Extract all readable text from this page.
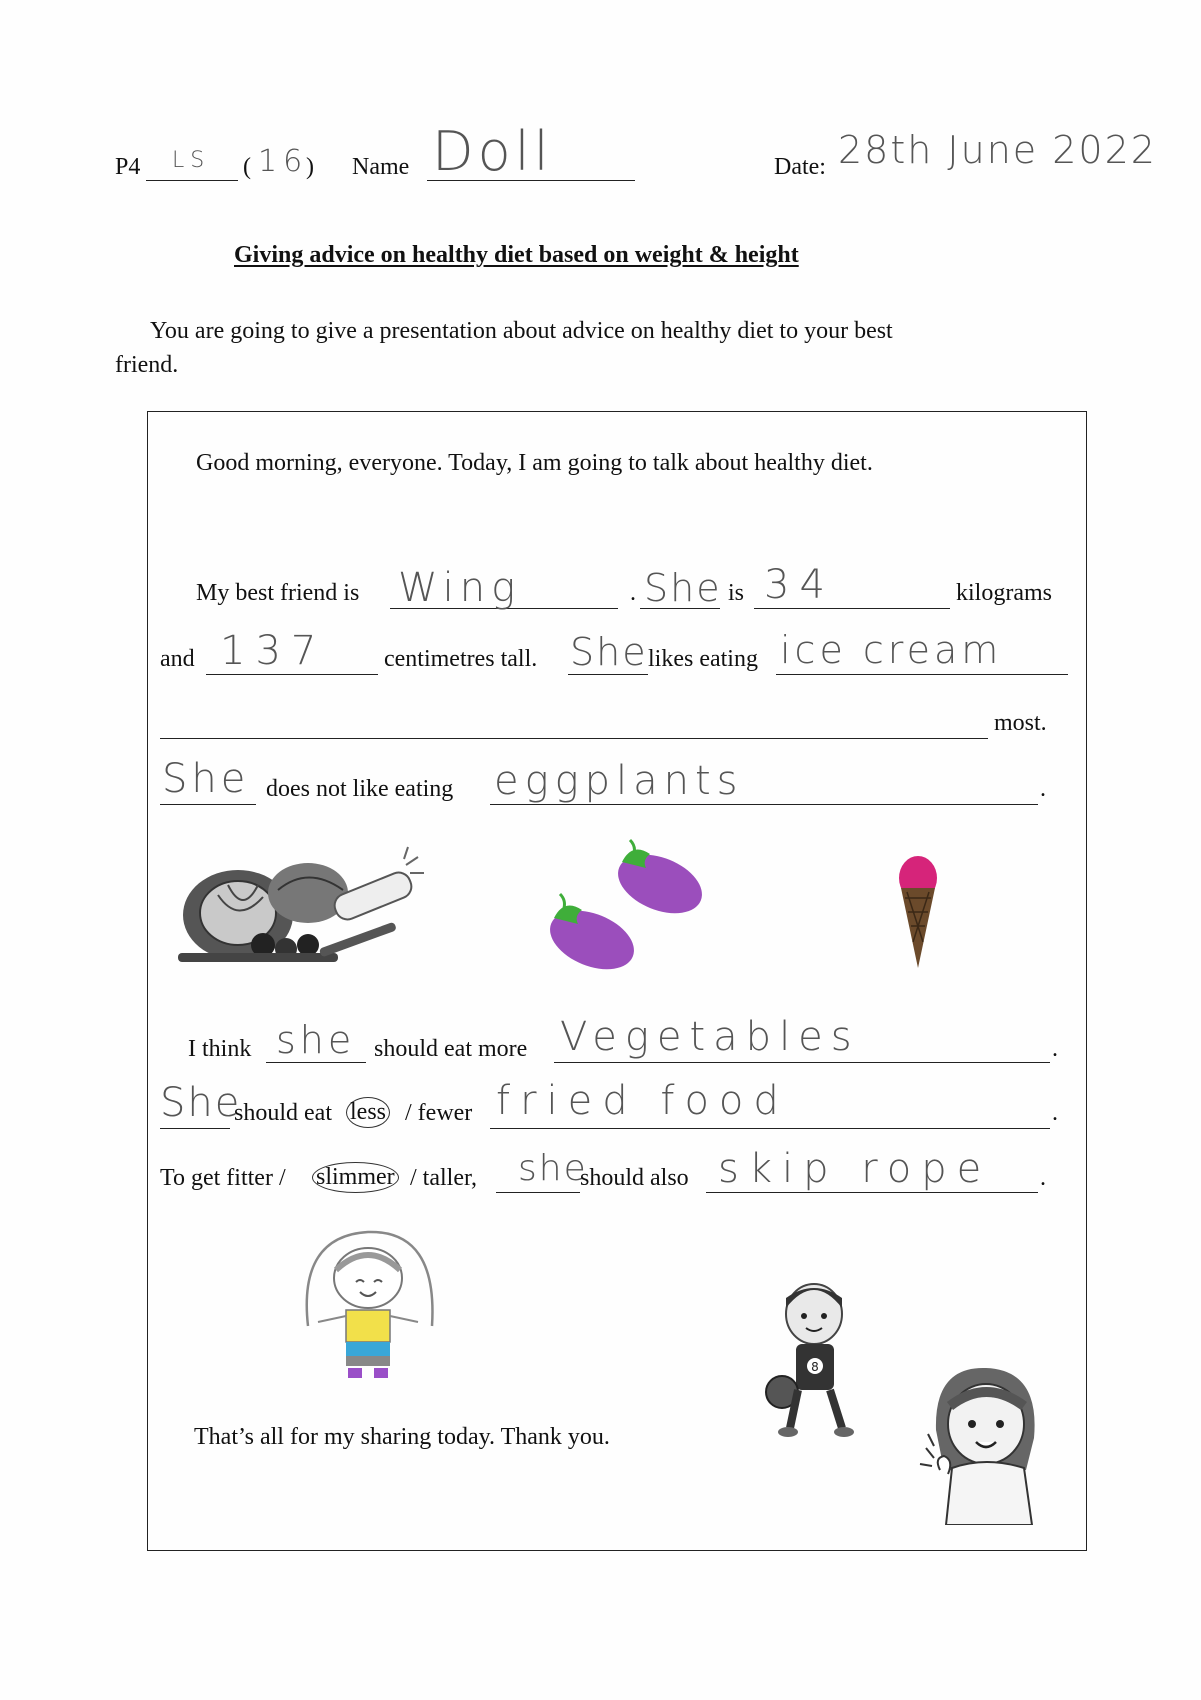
P4 LS ( 16
) Name Doll	Date: 28th June 2022
Giving advice on healthy diet based on weight & height
You are going to give a presentation about advice on healthy diet to your best
friend.
Good morning, everyone. Today, I am going to talk about healthy diet.
My best friend is Wing	. She is 34	kilograms
and 137 centimetres tall. She likes eating ice cream
most.
She does not like eating eggplants	.
I think she should eat more Vegetables	.
She
should eat less / fewer fried food	.
To get fitter / slimmer / taller, she
should also skip rope .
8
That’s all for my sharing today. Thank you.
